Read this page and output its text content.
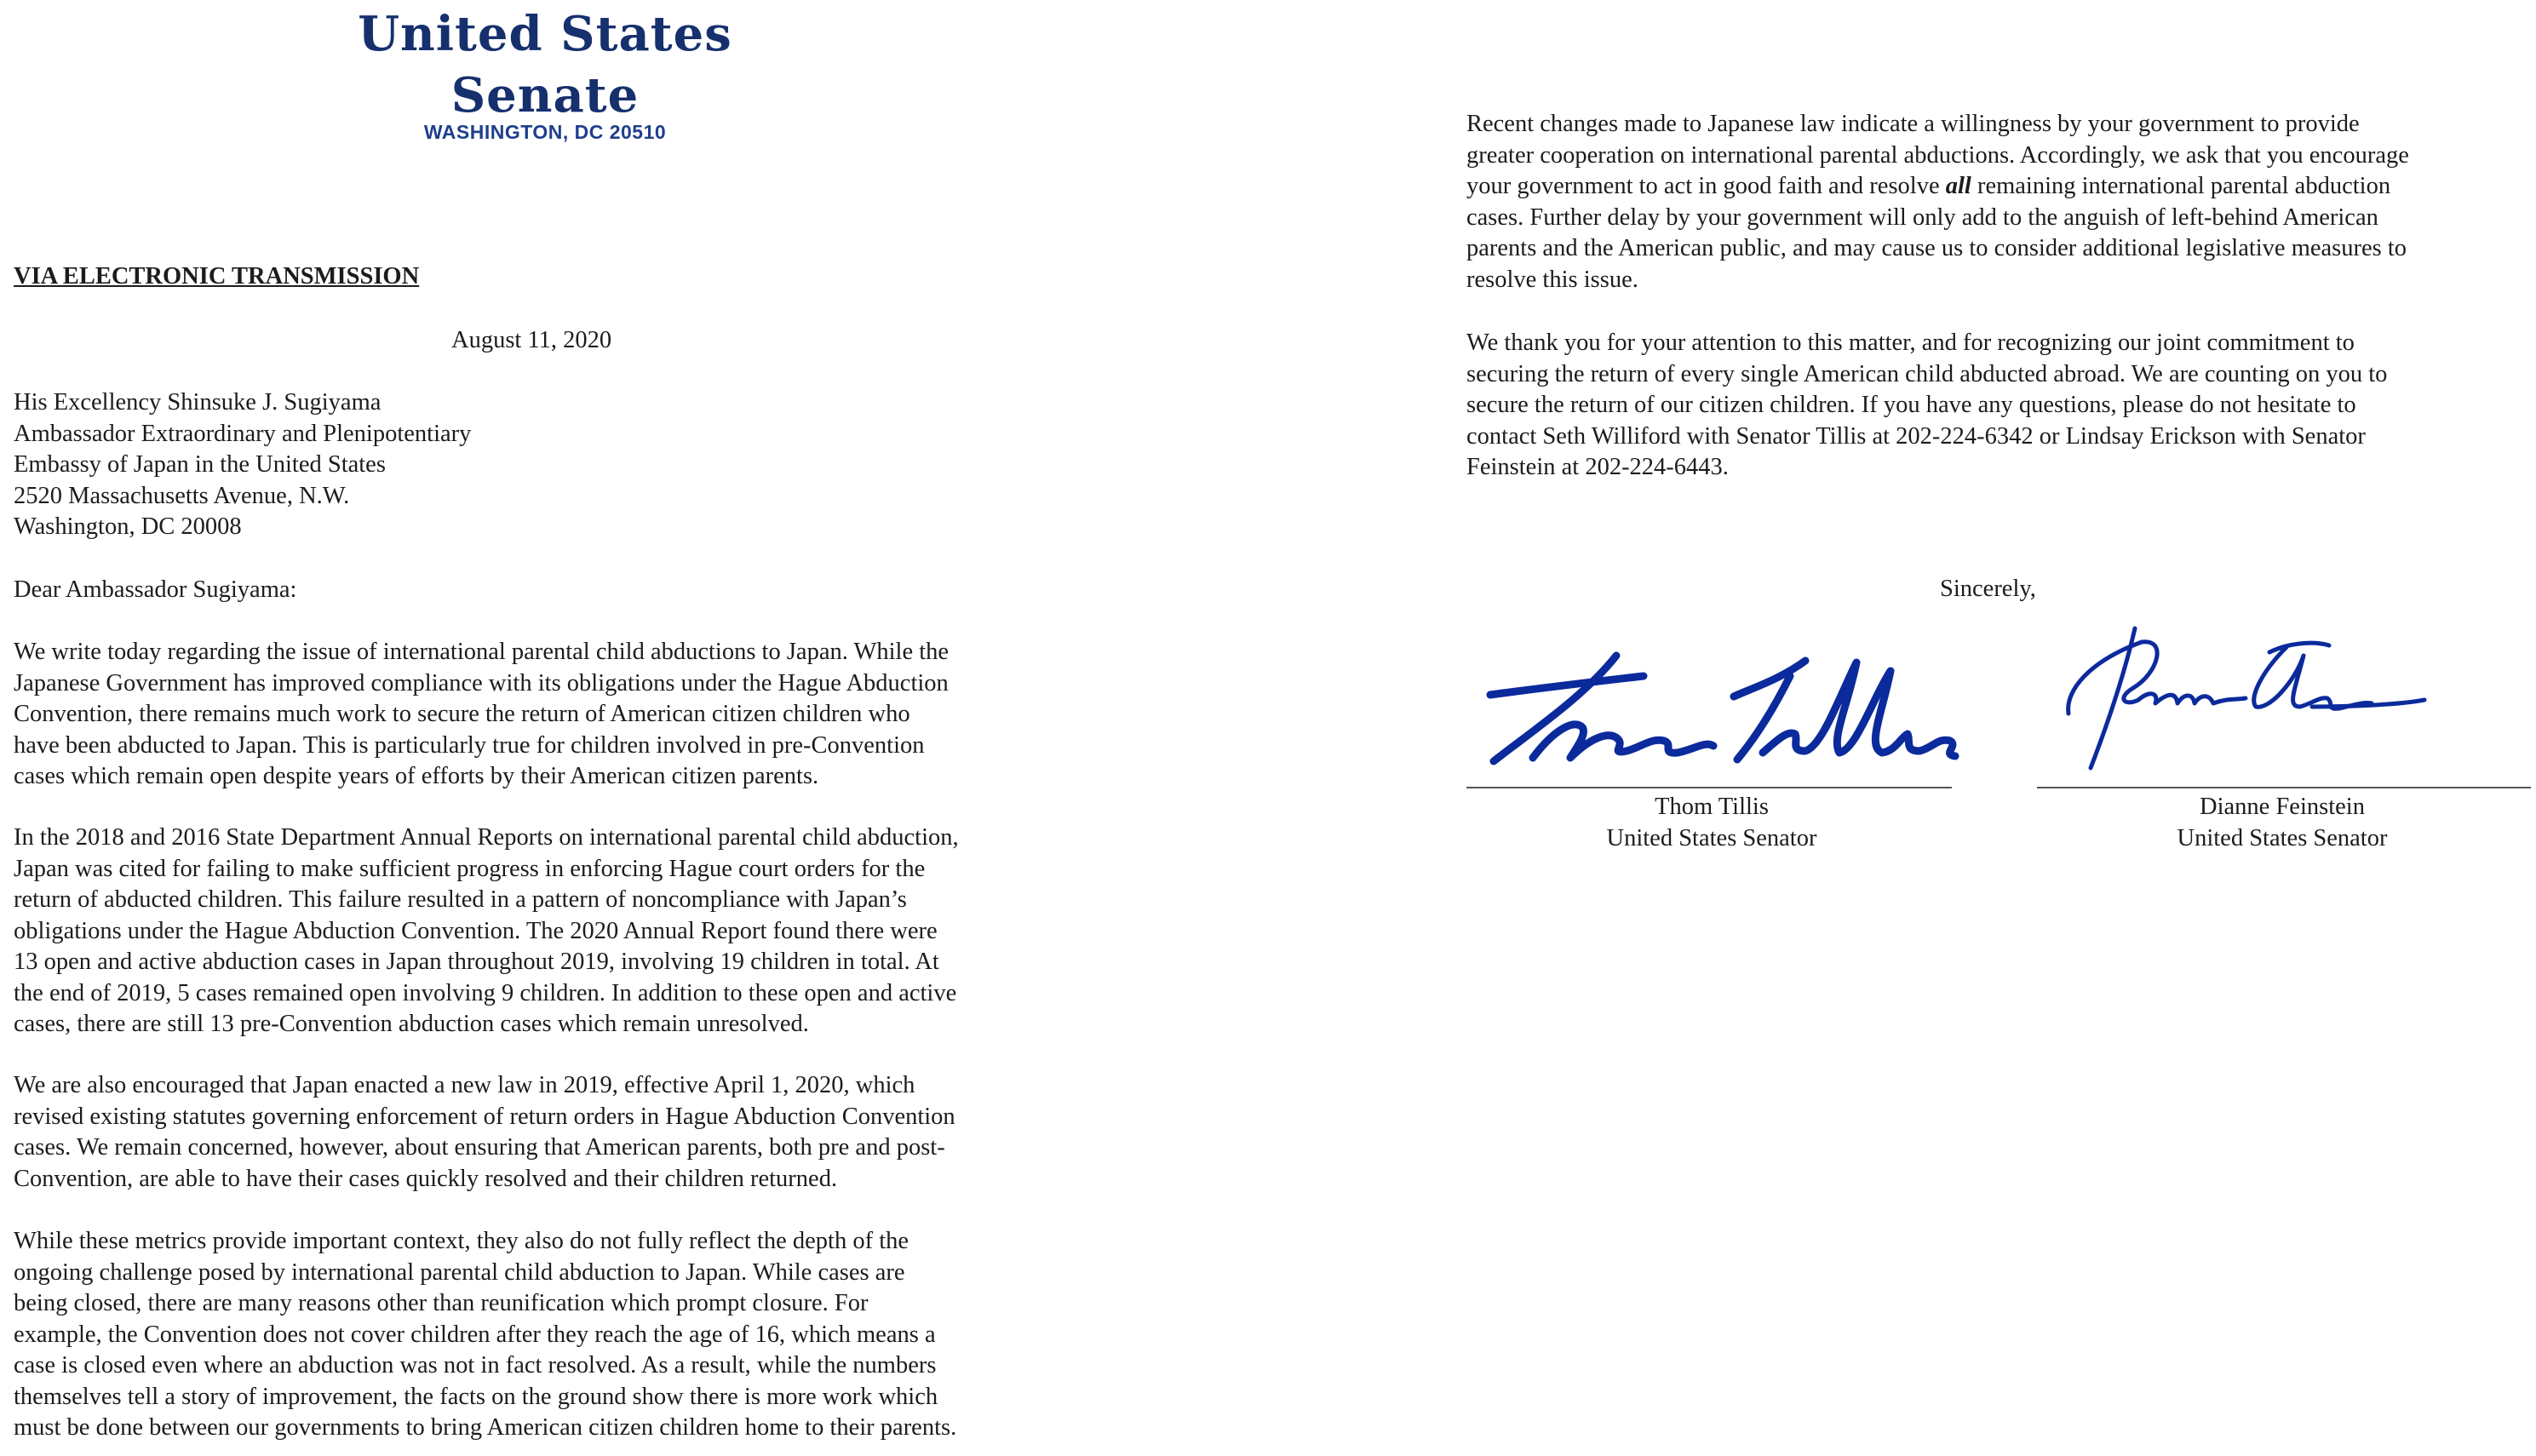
United States Senate
WASHINGTON, DC 20510
VIA ELECTRONIC TRANSMISSION
August 11, 2020
His Excellency Shinsuke J. Sugiyama
Ambassador Extraordinary and Plenipotentiary
Embassy of Japan in the United States
2520 Massachusetts Avenue, N.W.
Washington, DC 20008
Dear Ambassador Sugiyama:

We write today regarding the issue of international parental child abductions to Japan. While the
Japanese Government has improved compliance with its obligations under the Hague Abduction
Convention, there remains much work to secure the return of American citizen children who
have been abducted to Japan. This is particularly true for children involved in pre-Convention
cases which remain open despite years of efforts by their American citizen parents.

In the 2018 and 2016 State Department Annual Reports on international parental child abduction,
Japan was cited for failing to make sufficient progress in enforcing Hague court orders for the
return of abducted children. This failure resulted in a pattern of noncompliance with Japan’s
obligations under the Hague Abduction Convention. The 2020 Annual Report found there were
13 open and active abduction cases in Japan throughout 2019, involving 19 children in total. At
the end of 2019, 5 cases remained open involving 9 children. In addition to these open and active
cases, there are still 13 pre-Convention abduction cases which remain unresolved.

We are also encouraged that Japan enacted a new law in 2019, effective April 1, 2020, which
revised existing statutes governing enforcement of return orders in Hague Abduction Convention
cases. We remain concerned, however, about ensuring that American parents, both pre and post-
Convention, are able to have their cases quickly resolved and their children returned.

While these metrics provide important context, they also do not fully reflect the depth of the
ongoing challenge posed by international parental child abduction to Japan. While cases are
being closed, there are many reasons other than reunification which prompt closure. For
example, the Convention does not cover children after they reach the age of 16, which means a
case is closed even where an abduction was not in fact resolved. As a result, while the numbers
themselves tell a story of improvement, the facts on the ground show there is more work which
must be done between our governments to bring American citizen children home to their parents.

Recent changes made to Japanese law indicate a willingness by your government to provide
greater cooperation on international parental abductions. Accordingly, we ask that you encourage
your government to act in good faith and resolve all remaining international parental abduction
cases. Further delay by your government will only add to the anguish of left-behind American
parents and the American public, and may cause us to consider additional legislative measures to
resolve this issue.

We thank you for your attention to this matter, and for recognizing our joint commitment to
securing the return of every single American child abducted abroad. We are counting on you to
secure the return of our citizen children. If you have any questions, please do not hesitate to
contact Seth Williford with Senator Tillis at 202-224-6342 or Lindsay Erickson with Senator
Feinstein at 202-224-6443.

Sincerely,
Thom Tillis
United States Senator
Dianne Feinstein
United States Senator
